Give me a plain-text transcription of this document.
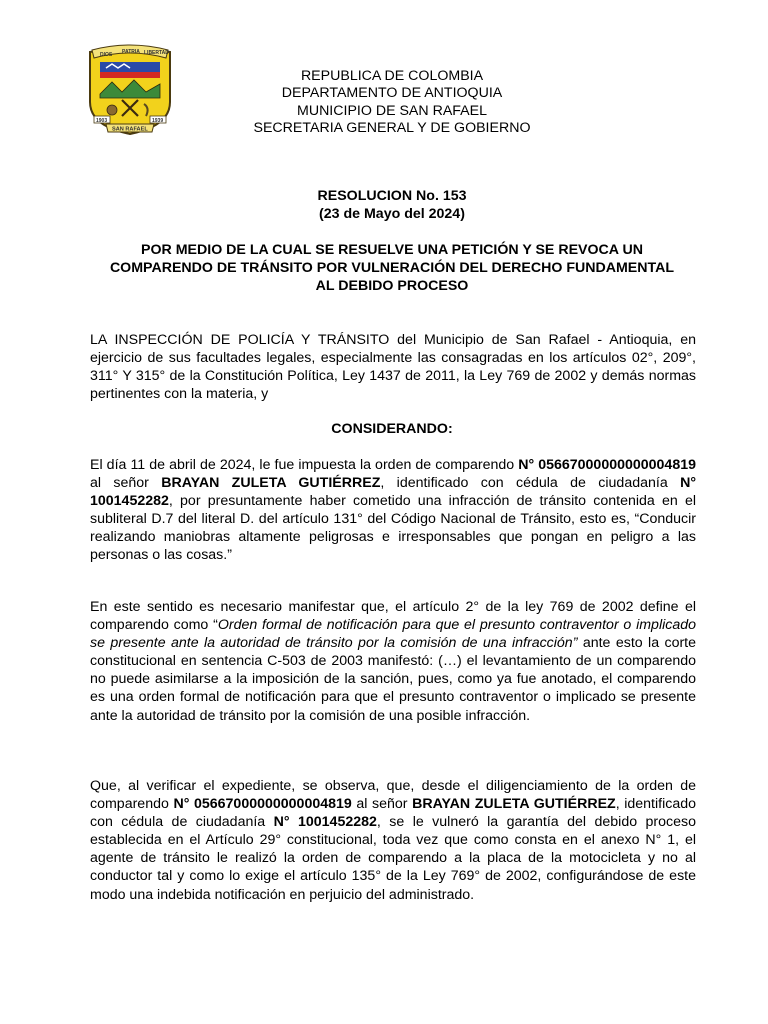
DIOS PATRIA LIBERTAD
1903	1939
SAN RAFAEL
REPUBLICA DE COLOMBIA
DEPARTAMENTO DE ANTIOQUIA
MUNICIPIO DE SAN RAFAEL
SECRETARIA GENERAL Y DE GOBIERNO
RESOLUCION No. 153
(23 de Mayo del 2024)
POR MEDIO DE LA CUAL SE RESUELVE UNA PETICIÓN Y SE REVOCA UN
COMPARENDO DE TRÁNSITO POR VULNERACIÓN DEL DERECHO FUNDAMENTAL
AL DEBIDO PROCESO
LA INSPECCIÓN DE POLICÍA Y TRÁNSITO del Municipio de San Rafael - Antioquia, en ejercicio de sus facultades legales, especialmente las consagradas en los artículos 02°, 209°, 311° Y 315° de la Constitución Política, Ley 1437 de 2011, la Ley 769 de 2002 y demás normas pertinentes con la materia, y
CONSIDERANDO:
El día 11 de abril de 2024, le fue impuesta la orden de comparendo N° 05667000000000004819 al señor BRAYAN ZULETA GUTIÉRREZ, identificado con cédula de ciudadanía N° 1001452282, por presuntamente haber cometido una infracción de tránsito contenida en el subliteral D.7 del literal D. del artículo 131° del Código Nacional de Tránsito, esto es, “Conducir realizando maniobras altamente peligrosas e irresponsables que pongan en peligro a las personas o las cosas.”
En este sentido es necesario manifestar que, el artículo 2° de la ley 769 de 2002 define el comparendo como “Orden formal de notificación para que el presunto contraventor o implicado se presente ante la autoridad de tránsito por la comisión de una infracción” ante esto la corte constitucional en sentencia C-503 de 2003 manifestó: (…) el levantamiento de un comparendo no puede asimilarse a la imposición de la sanción, pues, como ya fue anotado, el comparendo es una orden formal de notificación para que el presunto contraventor o implicado se presente ante la autoridad de tránsito por la comisión de una posible infracción.
Que, al verificar el expediente, se observa, que, desde el diligenciamiento de la orden de comparendo N° 05667000000000004819 al señor BRAYAN ZULETA GUTIÉRREZ, identificado con cédula de ciudadanía N° 1001452282, se le vulneró la garantía del debido proceso establecida en el Artículo 29° constitucional, toda vez que como consta en el anexo N° 1, el agente de tránsito le realizó la orden de comparendo a la placa de la motocicleta y no al conductor tal y como lo exige el artículo 135° de la Ley 769° de 2002, configurándose de este modo una indebida notificación en perjuicio del administrado.
